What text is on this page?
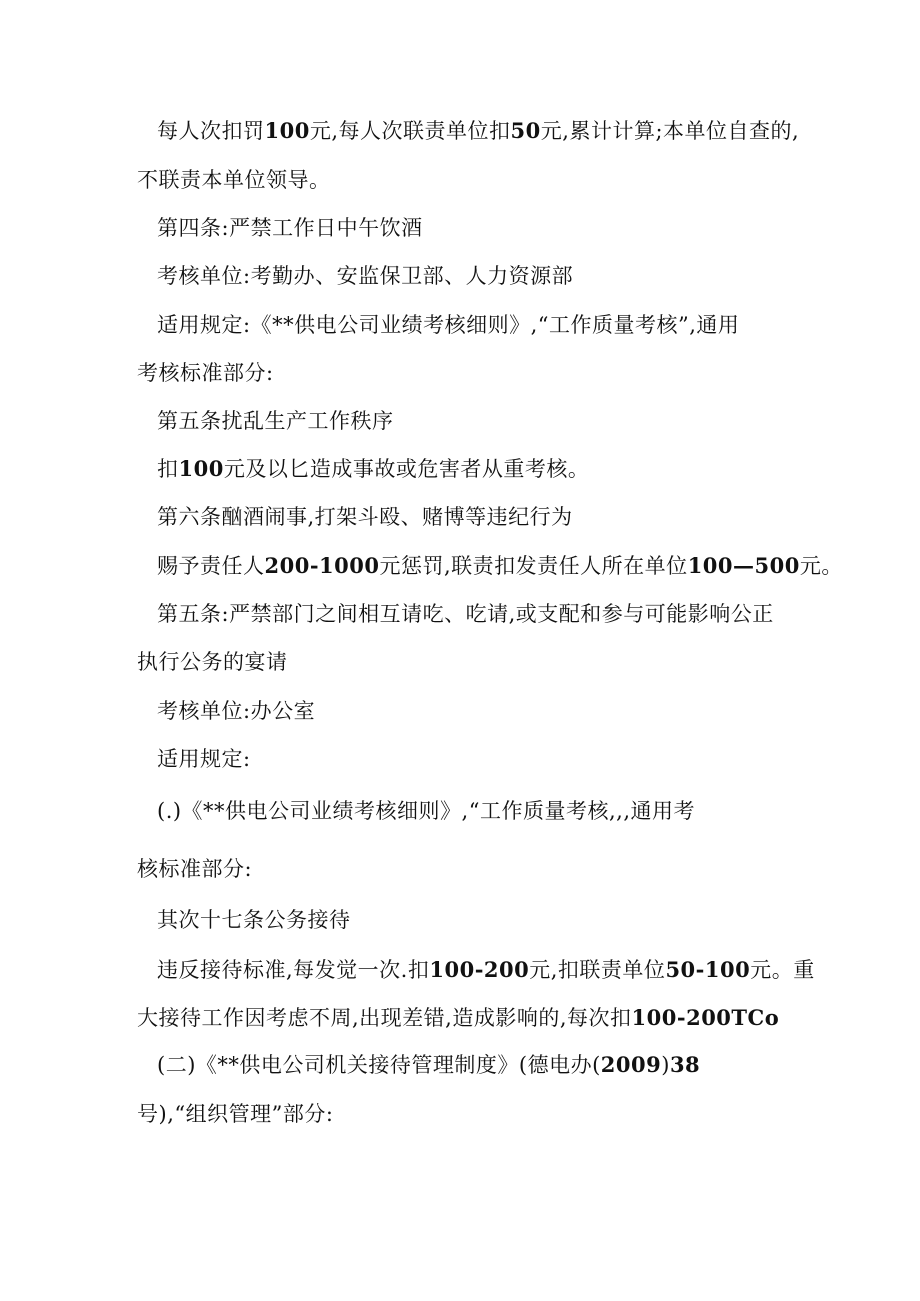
每人次扣罚100元,每人次联责单位扣50元,累计计算;本单位自查的,
不联责本单位领导。
第四条:严禁工作日中午饮酒
考核单位:考勤办、安监保卫部、人力资源部
适用规定:《**供电公司业绩考核细则》,“工作质量考核”,通用
考核标准部分:
第五条扰乱生产工作秩序
扣100元及以匕造成事故或危害者从重考核。
第六条酗酒闹事,打架斗殴、赌博等违纪行为
赐予责任人200-1000元惩罚,联责扣发责任人所在单位100—500元。
第五条:严禁部门之间相互请吃、吃请,或支配和参与可能影响公正
执行公务的宴请
考核单位:办公室
适用规定:
(.)《**供电公司业绩考核细则》,“工作质量考核,,,通用考
核标准部分:
其次十七条公务接待
违反接待标准,每发觉一次.扣100-200元,扣联责单位50-100元。重
大接待工作因考虑不周,出现差错,造成影响的,每次扣100-200TCo
(二)《**供电公司机关接待管理制度》(德电办(2009)38
号),“组织管理”部分:
